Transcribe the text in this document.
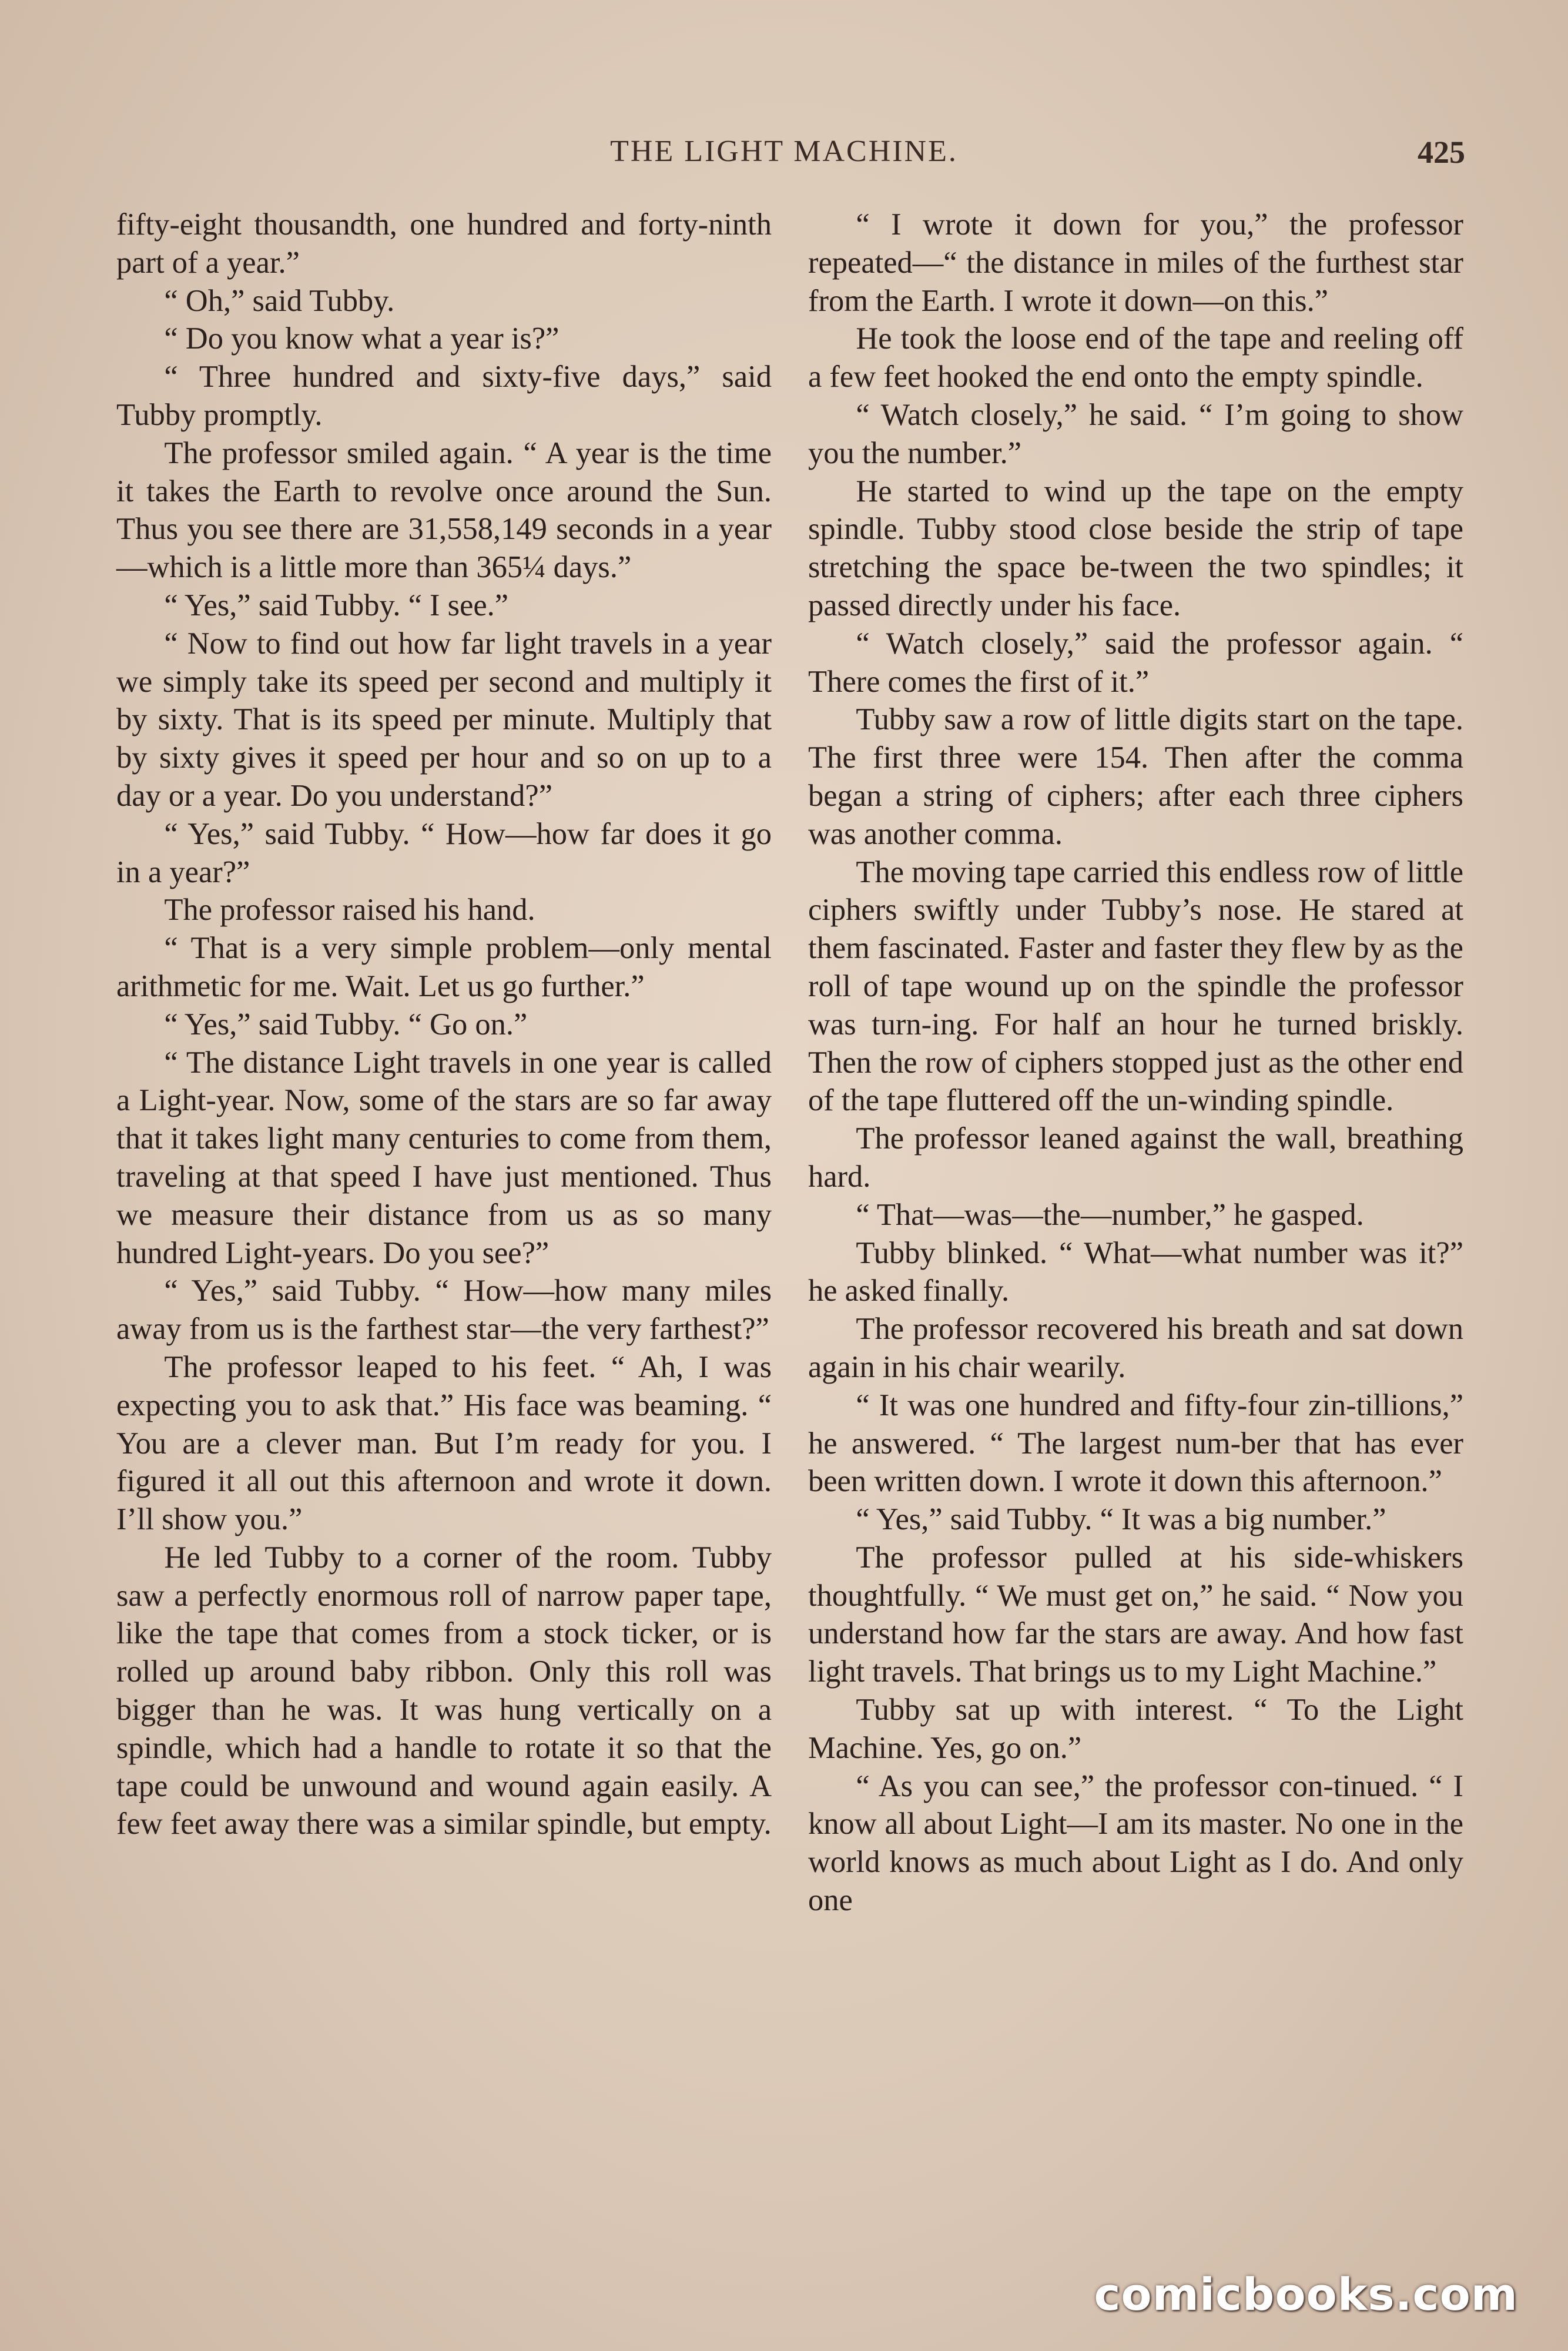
THE LIGHT MACHINE.	425

fifty-eight thousandth, one hundred and forty-ninth part of a year.”

“ Oh,” said Tubby.

“ Do you know what a year is?”

“ Three hundred and sixty-five days,” said Tubby promptly.

The professor smiled again. “ A year is the time it takes the Earth to revolve once around the Sun. Thus you see there are 31,558,149 seconds in a year—which is a little more than 365¼ days.”

“ Yes,” said Tubby. “ I see.”

“ Now to find out how far light travels in a year we simply take its speed per second and multiply it by sixty. That is its speed per minute. Multiply that by sixty gives it speed per hour and so on up to a day or a year. Do you understand?”

“ Yes,” said Tubby. “ How—how far does it go in a year?”

The professor raised his hand.

“ That is a very simple problem—only mental arithmetic for me. Wait. Let us go further.”

“ Yes,” said Tubby. “ Go on.”

“ The distance Light travels in one year is called a Light-year. Now, some of the stars are so far away that it takes light many centuries to come from them, traveling at that speed I have just mentioned. Thus we measure their distance from us as so many hundred Light-years. Do you see?”

“ Yes,” said Tubby. “ How—how many miles away from us is the farthest star—the very farthest?”

The professor leaped to his feet. “ Ah, I was expecting you to ask that.” His face was beaming. “ You are a clever man. But I’m ready for you. I figured it all out this afternoon and wrote it down. I’ll show you.”

He led Tubby to a corner of the room. Tubby saw a perfectly enormous roll of narrow paper tape, like the tape that comes from a stock ticker, or is rolled up around baby ribbon. Only this roll was bigger than he was. It was hung vertically on a spindle, which had a handle to rotate it so that the tape could be unwound and wound again easily. A few feet away there was a similar spindle, but empty.

“ I wrote it down for you,” the professor repeated—“ the distance in miles of the furthest star from the Earth. I wrote it down—on this.”

He took the loose end of the tape and reeling off a few feet hooked the end onto the empty spindle.

“ Watch closely,” he said. “ I’m going to show you the number.”

He started to wind up the tape on the empty spindle. Tubby stood close beside the strip of tape stretching the space be-tween the two spindles; it passed directly under his face.

“ Watch closely,” said the professor again. “ There comes the first of it.”

Tubby saw a row of little digits start on the tape. The first three were 154. Then after the comma began a string of ciphers; after each three ciphers was another comma.

The moving tape carried this endless row of little ciphers swiftly under Tubby’s nose. He stared at them fascinated. Faster and faster they flew by as the roll of tape wound up on the spindle the professor was turn-ing. For half an hour he turned briskly. Then the row of ciphers stopped just as the other end of the tape fluttered off the un-winding spindle.

The professor leaned against the wall, breathing hard.

“ That—was—the—number,” he gasped.

Tubby blinked. “ What—what number was it?” he asked finally.

The professor recovered his breath and sat down again in his chair wearily.

“ It was one hundred and fifty-four zin-tillions,” he answered. “ The largest num-ber that has ever been written down. I wrote it down this afternoon.”

“ Yes,” said Tubby. “ It was a big number.”

The professor pulled at his side-whiskers thoughtfully. “ We must get on,” he said. “ Now you understand how far the stars are away. And how fast light travels. That brings us to my Light Machine.”

Tubby sat up with interest. “ To the Light Machine. Yes, go on.”

“ As you can see,” the professor con-tinued. “ I know all about Light—I am its master. No one in the world knows as much about Light as I do. And only one

comicbooks.com
